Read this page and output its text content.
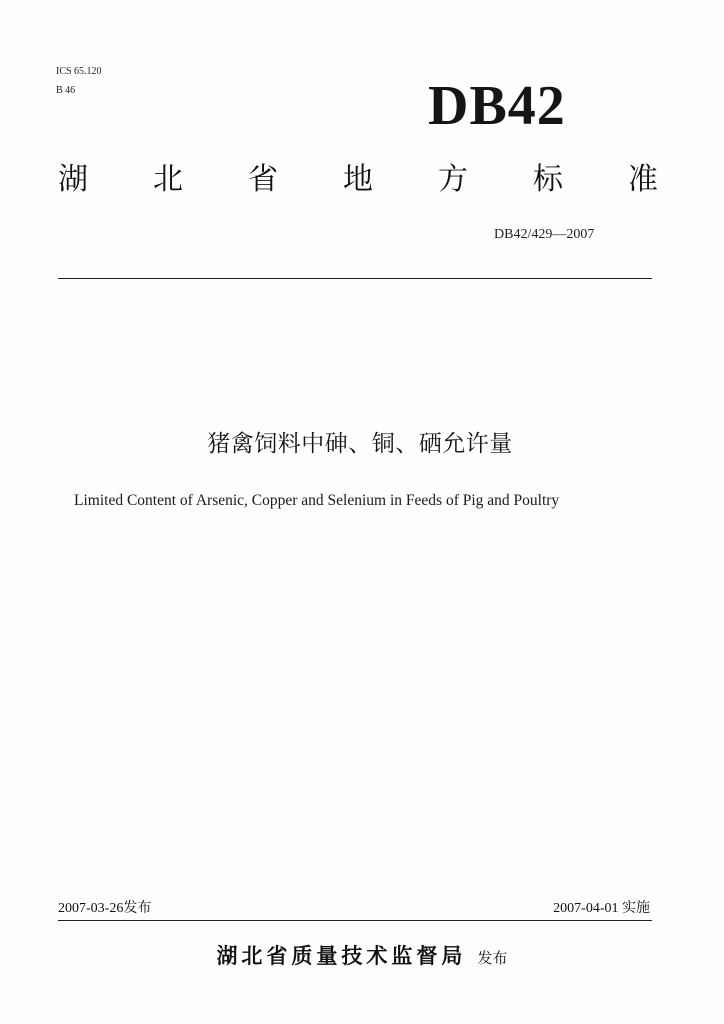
ICS 65.120
B 46	DB42
湖 北 省 地 方 标 准
DB42/429—2007
猪禽饲料中砷、铜、硒允许量
Limited Content of Arsenic, Copper and Selenium in Feeds of Pig and Poultry
2007-03-26发布	2007-04-01 实施
湖北省质量技术监督局 发布
